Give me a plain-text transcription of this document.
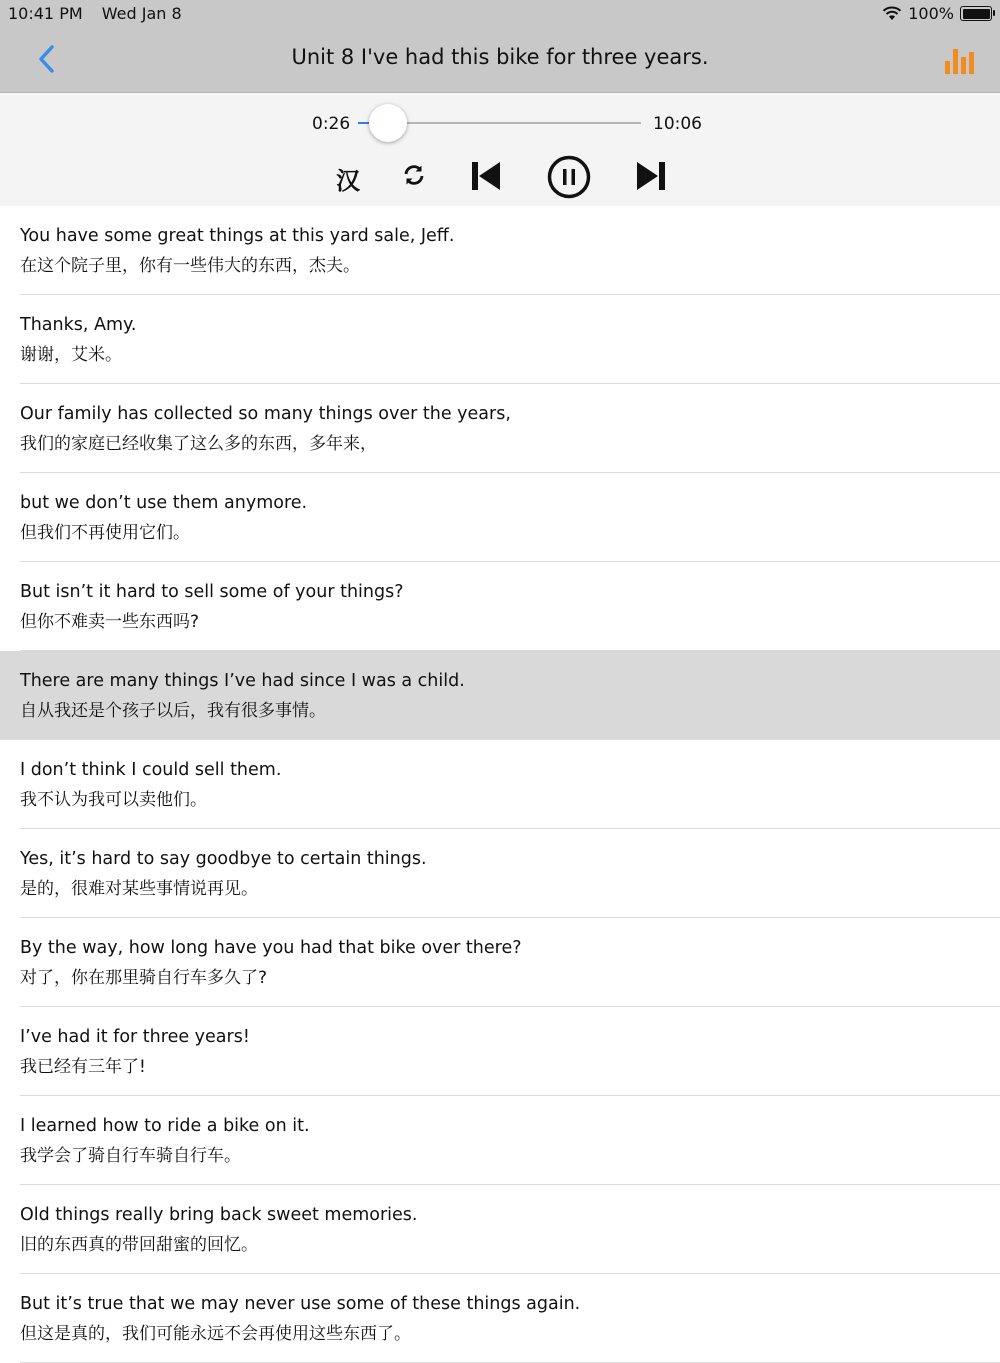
10:41 PM Wed Jan 8	100%
Unit 8 I've had this bike for three years.
0:26	10:06
汉
You have some great things at this yard sale, Jeff.
在这个院子里，你有一些伟大的东西，杰夫。
Thanks, Amy.
谢谢，艾米。
Our family has collected so many things over the years,
我们的家庭已经收集了这么多的东西，多年来，
but we don’t use them anymore.
但我们不再使用它们。
But isn’t it hard to sell some of your things?
但你不难卖一些东西吗?
There are many things I’ve had since I was a child.
自从我还是个孩子以后，我有很多事情。
I don’t think I could sell them.
我不认为我可以卖他们。
Yes, it’s hard to say goodbye to certain things.
是的，很难对某些事情说再见。
By the way, how long have you had that bike over there?
对了，你在那里骑自行车多久了?
I’ve had it for three years!
我已经有三年了!
I learned how to ride a bike on it.
我学会了骑自行车骑自行车。
Old things really bring back sweet memories.
旧的东西真的带回甜蜜的回忆。
But it’s true that we may never use some of these things again.
但这是真的，我们可能永远不会再使用这些东西了。
